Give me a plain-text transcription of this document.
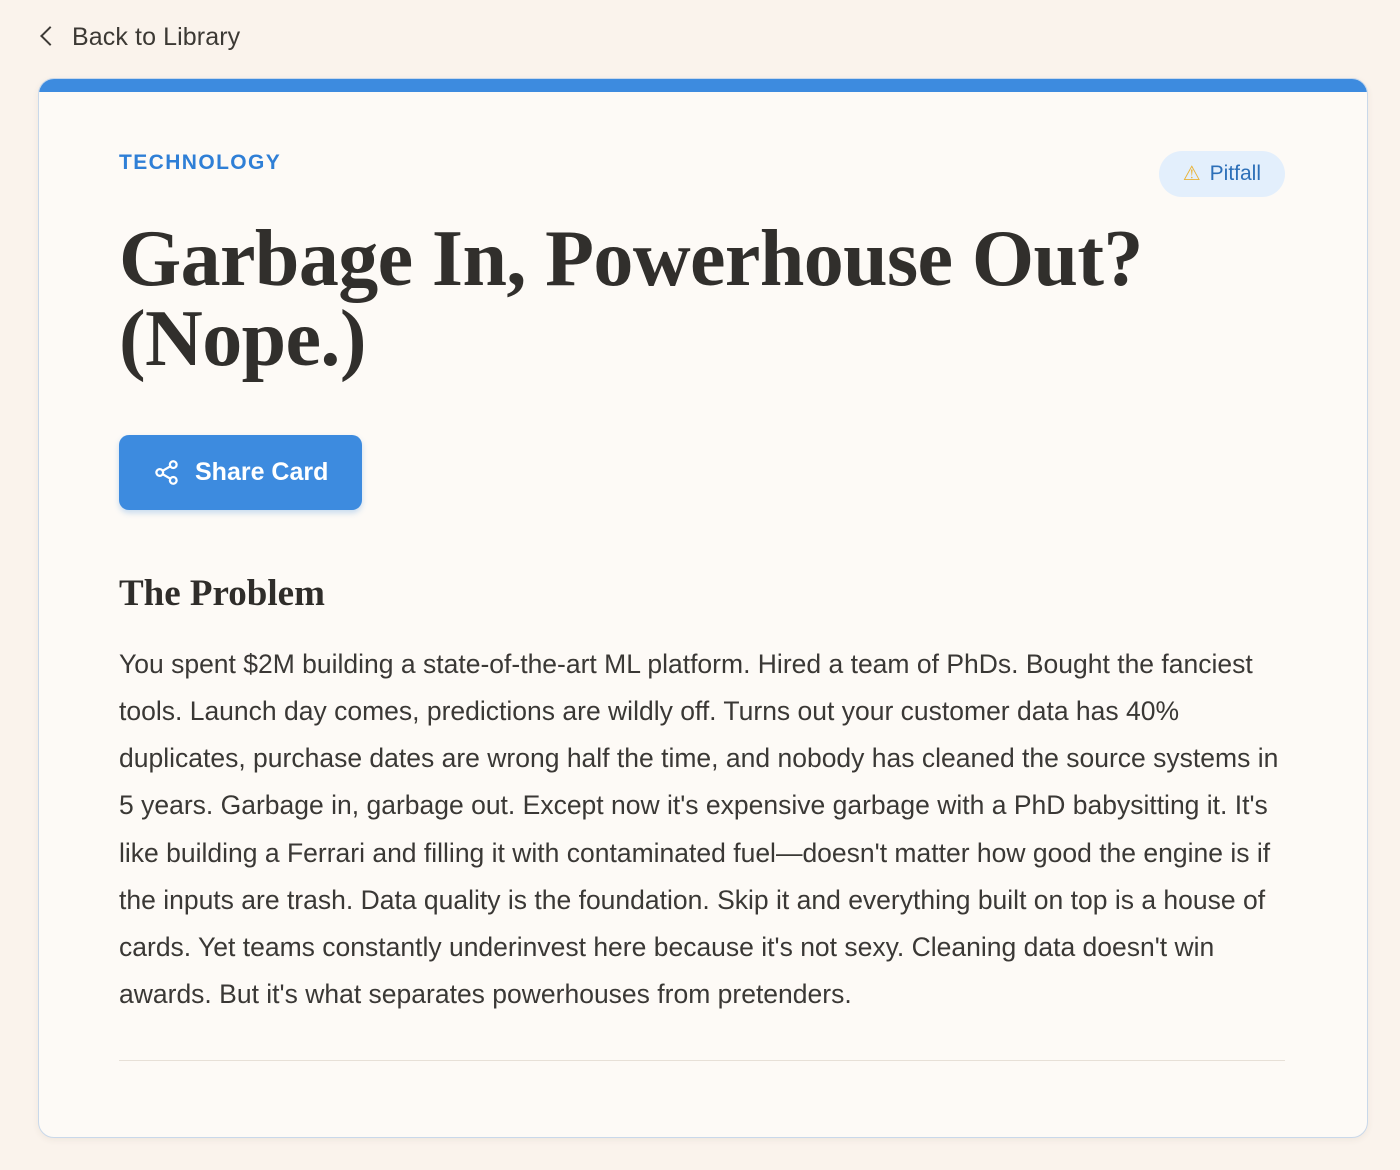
Back to Library
TECHNOLOGY	⚠ Pitfall
Garbage In, Powerhouse Out? (Nope.)
Share Card
The Problem

You spent $2M building a state-of-the-art ML platform. Hired a team of PhDs. Bought the fanciest tools. Launch day comes, predictions are wildly off. Turns out your customer data has 40% duplicates, purchase dates are wrong half the time, and nobody has cleaned the source systems in 5 years. Garbage in, garbage out. Except now it's expensive garbage with a PhD babysitting it. It's like building a Ferrari and filling it with contaminated fuel—doesn't matter how good the engine is if the inputs are trash. Data quality is the foundation. Skip it and everything built on top is a house of cards. Yet teams constantly underinvest here because it's not sexy. Cleaning data doesn't win awards. But it's what separates powerhouses from pretenders.
